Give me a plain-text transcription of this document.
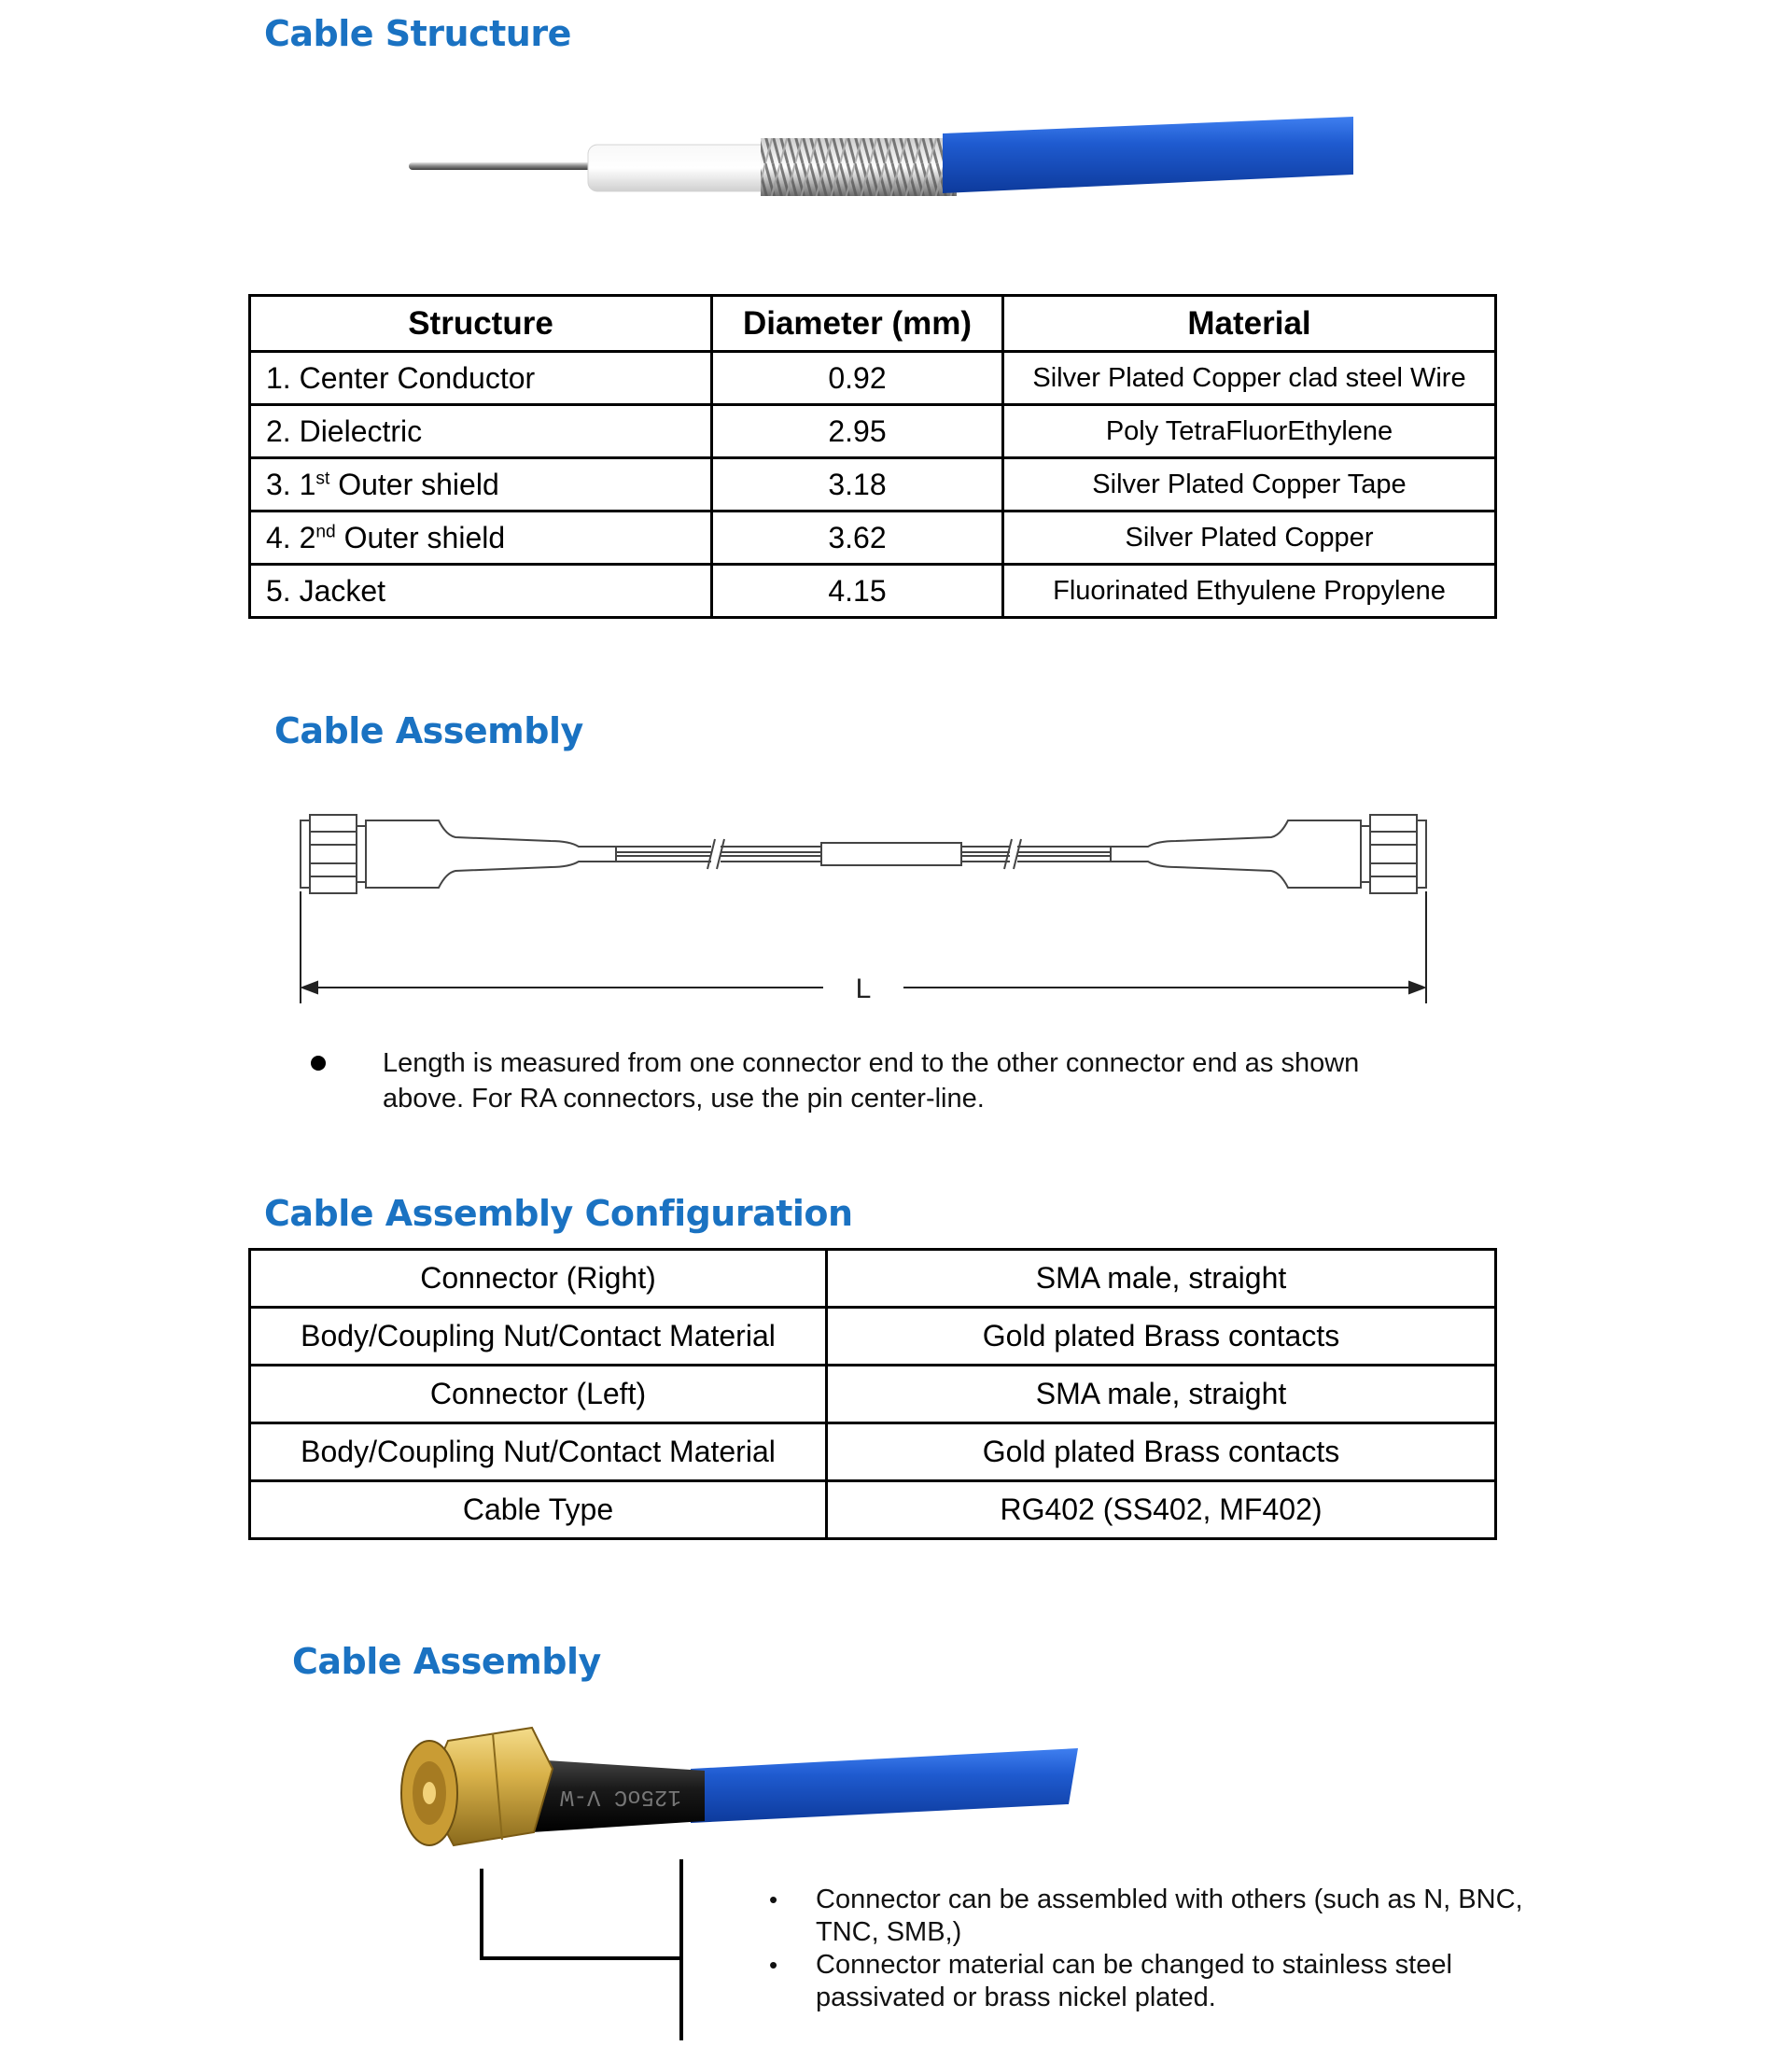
Cable Structure
Structure	Diameter (mm)	Material
1. Center Conductor	0.92	Silver Plated Copper clad steel Wire
2. Dielectric	2.95	Poly TetraFluorEthylene
3. 1st Outer shield	3.18	Silver Plated Copper Tape
4. 2nd Outer shield	3.62	Silver Plated Copper
5. Jacket	4.15	Fluorinated Ethyulene Propylene
Cable Assembly
L
Length is measured from one connector end to the other connector end as shown above. For RA connectors, use the pin center-line.
Cable Assembly Configuration
Connector (Right)	SMA male, straight
Body/Coupling Nut/Contact Material	Gold plated Brass contacts
Connector (Left)	SMA male, straight
Body/Coupling Nut/Contact Material	Gold plated Brass contacts
Cable Type	RG402 (SS402, MF402)
Cable Assembly
125oC V-W
• Connector can be assembled with others (such as N, BNC, TNC, SMB,)
• Connector material can be changed to stainless steel passivated or brass nickel plated.
